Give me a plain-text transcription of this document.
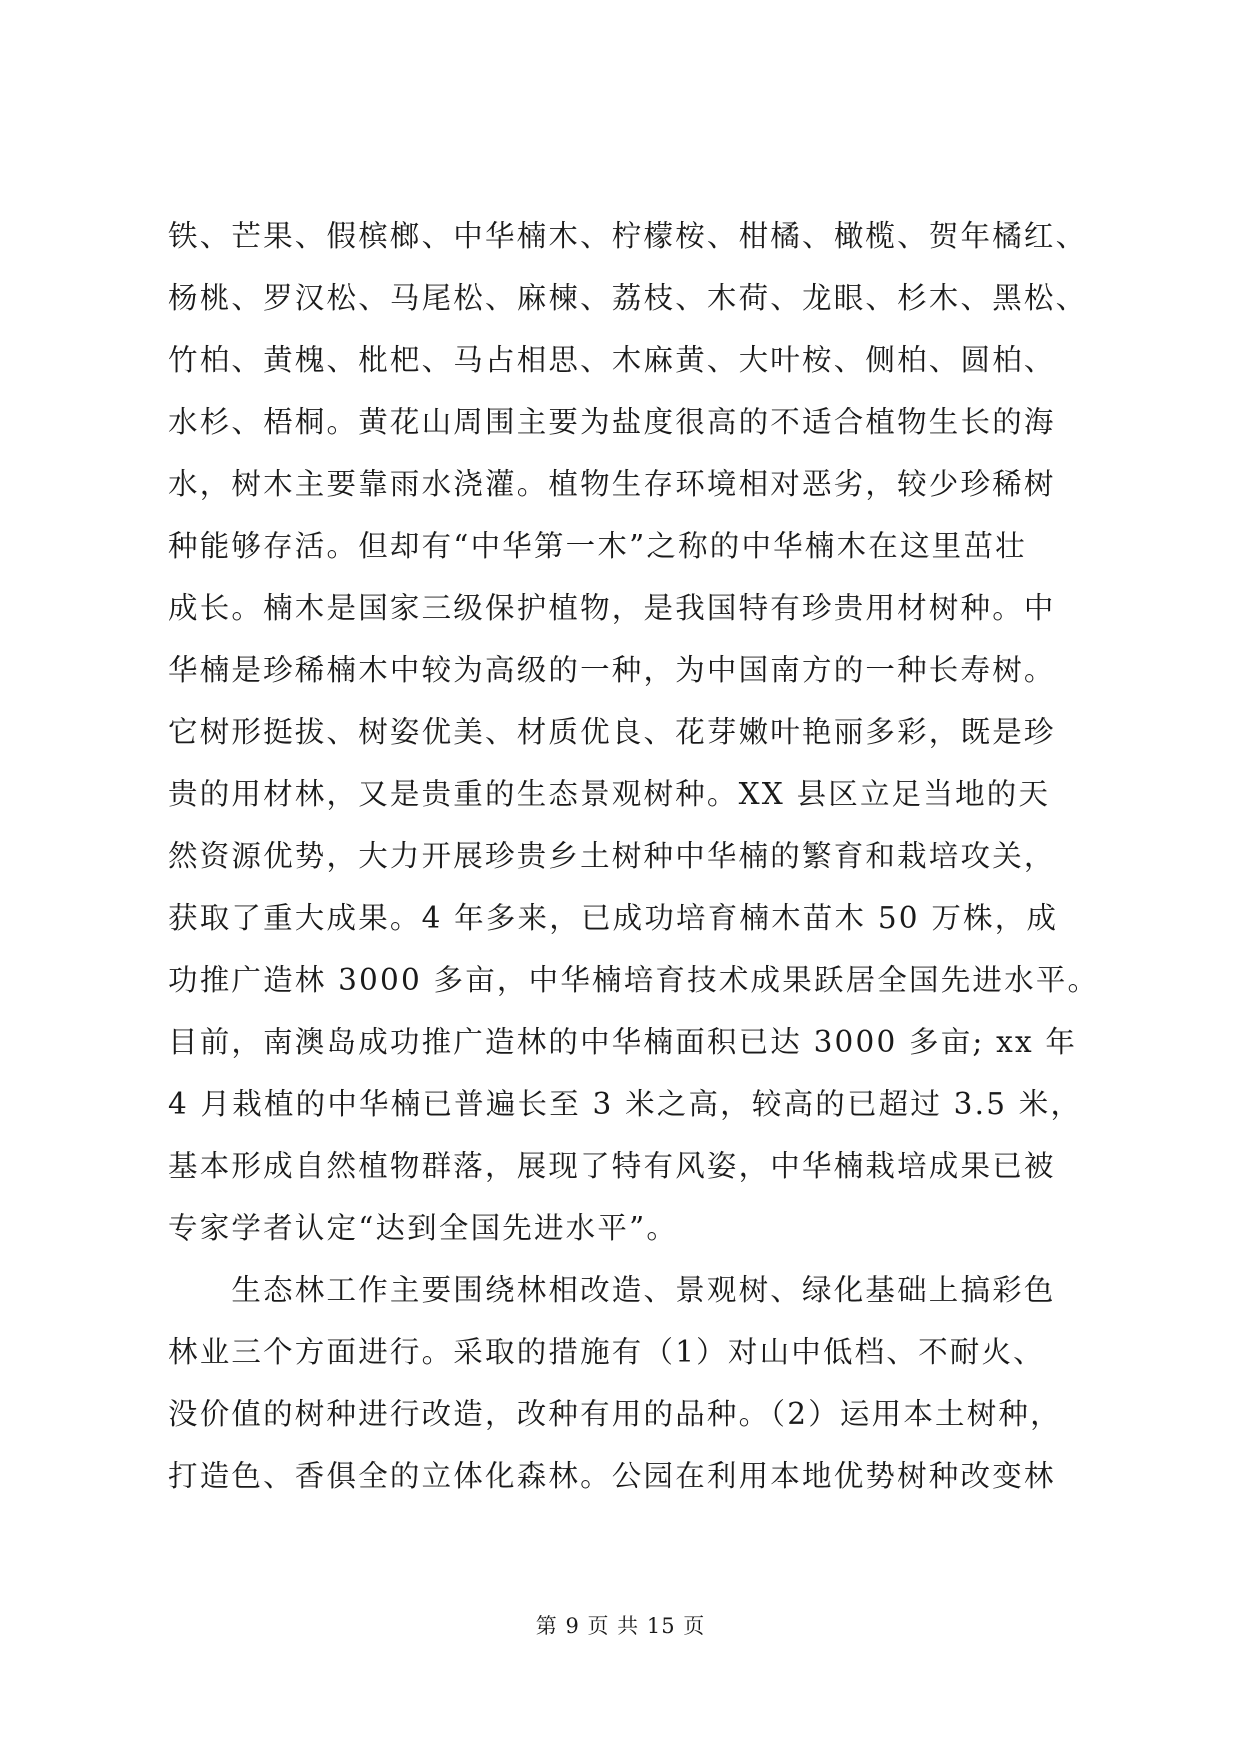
铁、芒果、假槟榔、中华楠木、柠檬桉、柑橘、橄榄、贺年橘红、
杨桃、罗汉松、马尾松、麻楝、荔枝、木荷、龙眼、杉木、黑松、
竹柏、黄槐、枇杷、马占相思、木麻黄、大叶桉、侧柏、圆柏、
水杉、梧桐。黄花山周围主要为盐度很高的不适合植物生长的海
水，树木主要靠雨水浇灌。植物生存环境相对恶劣，较少珍稀树
种能够存活。但却有“中华第一木”之称的中华楠木在这里茁壮
成长。楠木是国家三级保护植物，是我国特有珍贵用材树种。中
华楠是珍稀楠木中较为高级的一种，为中国南方的一种长寿树。
它树形挺拔、树姿优美、材质优良、花芽嫩叶艳丽多彩，既是珍
贵的用材林，又是贵重的生态景观树种。XX 县区立足当地的天
然资源优势，大力开展珍贵乡土树种中华楠的繁育和栽培攻关，
获取了重大成果。4 年多来，已成功培育楠木苗木 50 万株，成
功推广造林 3000 多亩，中华楠培育技术成果跃居全国先进水平。
目前，南澳岛成功推广造林的中华楠面积已达 3000 多亩; xx 年
4 月栽植的中华楠已普遍长至 3 米之高，较高的已超过 3.5 米，
基本形成自然植物群落，展现了特有风姿，中华楠栽培成果已被
专家学者认定“达到全国先进水平”。
　　生态林工作主要围绕林相改造、景观树、绿化基础上搞彩色
林业三个方面进行。采取的措施有（1）对山中低档、不耐火、
没价值的树种进行改造，改种有用的品种。（2）运用本土树种，
打造色、香俱全的立体化森林。公园在利用本地优势树种改变林
第 9 页 共 15 页
